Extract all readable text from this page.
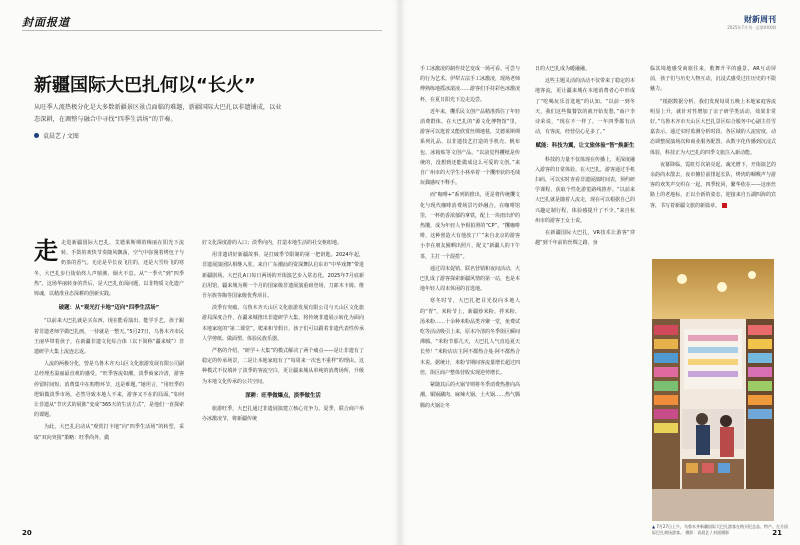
封面报道
新疆国际大巴扎何以“长火”
从旺季人流热极分化是大多数新疆景区景点面临的难题，新疆国际大巴扎以非遗铺成，以业态深耕，在调整与融合中寻找“四季生活场”的节奏。
袁晨艺 / 文图

走走进新疆国际大巴扎，艾德莱斯绸的梅丽在阳光下流转，手鼓的欢快节奏随风飘荡，空气中弥漫着烤包子与奶茶的香气。无论是早长夜飞往的，还是大雪纷飞的寒冬，大巴扎步行街始终人声鼎沸，烟火不息。从“一季火”到“四季热”，这场华丽转身的背后，是大巴扎直面问题，以非物质文化遗产铸魂，以精准业态深耕的创新实践。

破题：从“观光打卡地”迈向“四季生活场”

“以前来大巴扎就是买东西，现在能看演出、能学手艺，孩子跟着非遗老师学做巴扎画，一待就是一整天。”5月27日，乌鲁木齐市民王丽华带着孩子，在新疆非遗文化综合体（以下简称“疆来城”）非遗研学大集上流连忘返。

人流的两极分化，曾是乌鲁木齐天山区文化旅游发展有限公司副总经理杰温丽最直观的感受。“旺季客流如潮，淡季商家冷清，游客停留时间短，消费集中在购物环节，这是难题。”她坦言，“用旺季的逻辑做淡季市场，必然导致本地人不来，游客又不在的局面。”如何让非遗从“节庆式的展陈”变成“365天的生活方式”，是他们一直探索的课题。

为此，大巴扎启动从“观赏打卡地”向“四季生活场”的转型，采取“双向突围”策略：旺季尚外，做

好文化深度游的入口；淡季向内，打造本地生活的社交枢纽地。

用非遗讲好新疆故事，是打破季节限制的第一把钥匙。2024年起，非遗展演团队相继入驻。来自广东潮汕的资深舞队启东市“中华戏舞”带进新疆剧场。大巴扎A口每日两场的开街演艺步入常态化。2025年7月底新启用馆，疆来城为期一个月的国家级非遗展演重磅登场，刀郎木卡姆、维吾尔族等陶等国家级优秀项目。

淡季有突破。乌鲁木齐天山区文化旅游发展有限公司与天山区文化旅游局深度合作，在疆来城推出非遗研学大集，将传统非遗展示转化为面向本地家庭的“第二课堂”。爬来和节假日，孩子们可以跟着非遗代表性传承人学剪纸、做面塑、体验民族乐器。

严格的介绍，“研学＋大集”的模式解决了两个痛点——是让非遗有了稳定的传承场景，二是让本地家庭有了“每周来一次也不重样”的理由。这种模式不仅填补了淡季的客流空白，更让疆来城从单纯的消费场所，升级为本地文化传承的公共空间。

深耕：旺季做爆点，淡季做生活

旅游旺季，大巴扎通过非遗展演建立核心竞争力。夏季，联合商户举办冰激凌节，将新疆传统

20
财新周刊
2025年7月刊 · 总第XXX期

手工冰激凌的制作技艺变成一场可看、可尝与的行为艺术。伊犁古法手工冰激凌，现场老师傅熟练地摇冰滚凌……游客们手持彩色冰激凌杯，在夏日阳光下边走边尝。

近年来，攫乐民文创产品精准抓住了年轻消费群体。在大巴扎的“源文化博物馆”里，游客可以逛着又能欣赏丝绸地毯，艾德莱斯绸系列礼品、以非遗技艺打造的手机壳、帆布包、冰箱贴等文创产品。“以前觉得攫纸是传统的，没想到还能做成这么可爱的文创。”来自广州市的大学生小林举着一个攫形状的毛绒玩偶感叹不释手。

而“咖啡+”系列的推出，更是将传统攫文化与现代咖啡消费场景巧妙融合。在咖啡馆里，一杯奶香浓郁的拿铁，配上一块雨出炉的热馕，成为年轻人争相拍照的“CP”。“攫咖啡啡，这种创造大有他放了广”来自北京的游客小李在朋友圈晒出照片，配文“新疆人的下午茶，主打一个混搭”。

通过周末促销、联名营销和夜间活动，大巴扎成了游客探索新疆风情的第一站，也是本地年轻人周末休闲的首选地。

寒冬时节，大巴扎把目光投向本地人的“胃”，米粉节上，新疆炒米粉、拌米粉、汤米粉……十余种米粉品类齐聚一堂，免费试吃等活动吸引上来，原本冷清的冬季街区瞬间沸腾。“米粉节那几天，大巴扎人气直追夏天长势！”米粉店店主阿不都热合曼·阿不都热合木说。据统计，米粉节期间客流量增长超过四倍，街区商户整体营收实现逆势增长。

紧随其后的火锅节则将冬季消费热推向高潮。铜锅涮肉、麻辣火锅、土火锅……热气腾腾的火锅让冬

日的大巴扎成为暖融融。

这些主题灵活的活动不仅带来了稳定的本地客流，更让疆来城在本地消费者心中形成了“吃喝玩乐首选地”的认知。“以前一到冬天，我们这些做餐饮的就开始发愁，”商户李诗荣说，“现在不一样了，一年四季都有活动，有客流，经营信心足多了。”

赋能：科技为翼，让文旅体验“智”焕新生

科技的力量不仅体现在传播上，更深度融入游客的日常体验。在大巴扎，游客通过手机扫码，可以实时查看非遗展演时间表，预约研学课程，获取个性化游览路线推荐。“以前来大巴扎就是随着人流走，现在可以根据自己的兴趣定制行程，体验感提升了不少。”来自杭州市的游客王女士说。

在新疆国际大巴扎，VR技术让游客“穿越”到千年前的丝绸之路，身

临其境地感受商旅往来，歌舞升平的盛景。AR互动屏前，孩子们与历史人物互动，沉浸式感受过往历史的不限魅力。

“根据数据分析，我们发现每周五晚上本地家庭客流明显上升，就针对性增加了亲子研学类活动，效果非常好。”乌鲁木齐市天山区大巴扎景区综合服务中心副主任雪嘉表示。通过实时监测分析时段、各区域的人流密度，动态调整展演场次和商业服务配置。从数字化传播到沉浸式体验，科技正为大巴扎的四季文旅注入新动能。

夜幕降临，霓虹灯次第亮起，魂光增下，开街演艺的余韵尚未散去，夜市摊位前排起长队，烤肉的咽喉声与游客的欢笑声交织在一起。四季轮回，繁华依在——这座丝路上的老地标，正以全新的姿态，迎接来自五湖四海的宾客，书写着新疆文旅的新篇章。

▲ 7月27日上午，乌鲁木齐新疆国际大巴扎游客在购买纪念品、特产。左方国际巴扎商场游客。 摄影：袁晨艺 / 封面摄影	21
